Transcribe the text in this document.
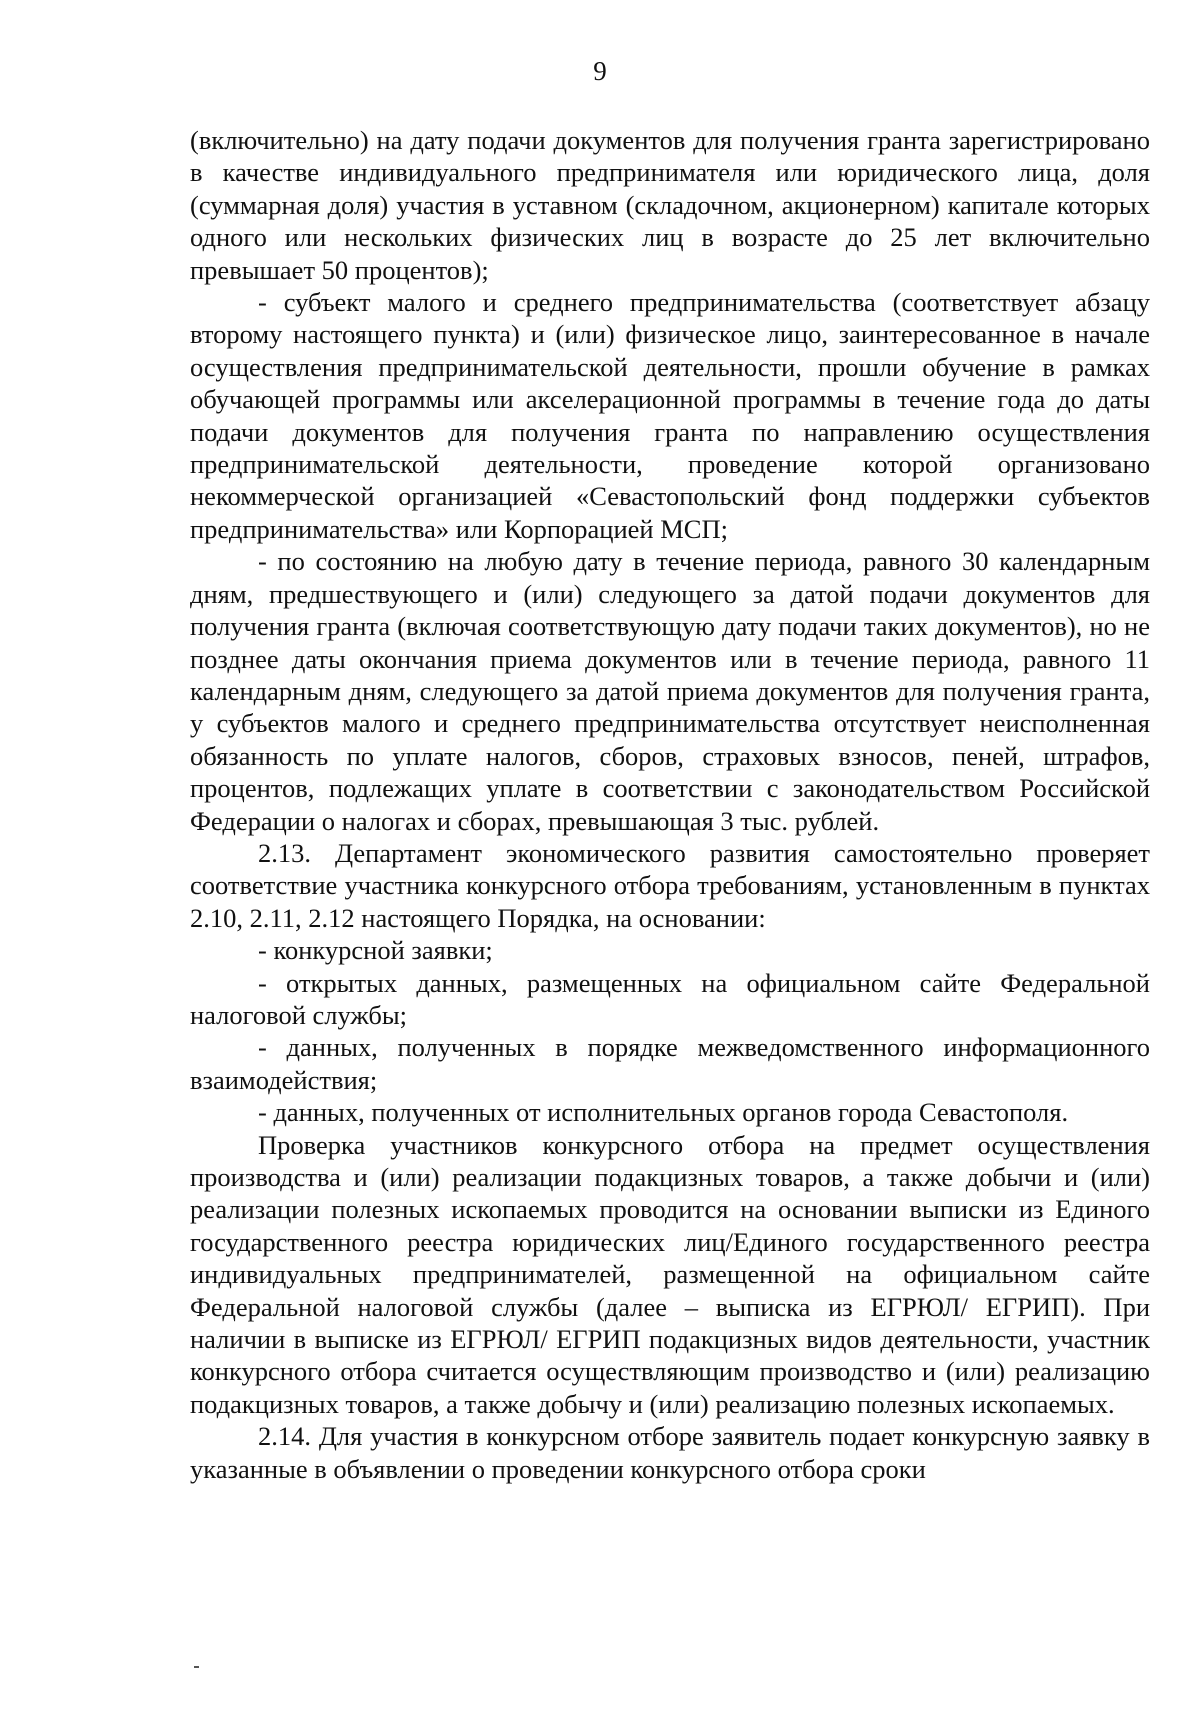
9

(включительно) на дату подачи документов для получения гранта зарегистрировано в качестве индивидуального предпринимателя или юридического лица, доля (суммарная доля) участия в уставном (складочном, акционерном) капитале которых одного или нескольких физических лиц в возрасте до 25 лет включительно превышает 50 процентов);

- субъект малого и среднего предпринимательства (соответствует абзацу второму настоящего пункта) и (или) физическое лицо, заинтересованное в начале осуществления предпринимательской деятельности, прошли обучение в рамках обучающей программы или акселерационной программы в течение года до даты подачи документов для получения гранта по направлению осуществления предпринимательской деятельности, проведение которой организовано некоммерческой организацией «Севастопольский фонд поддержки субъектов предпринимательства» или Корпорацией МСП;

- по состоянию на любую дату в течение периода, равного 30 календарным дням, предшествующего и (или) следующего за датой подачи документов для получения гранта (включая соответствующую дату подачи таких документов), но не позднее даты окончания приема документов или в течение периода, равного 11 календарным дням, следующего за датой приема документов для получения гранта, у субъектов малого и среднего предпринимательства отсутствует неисполненная обязанность по уплате налогов, сборов, страховых взносов, пеней, штрафов, процентов, подлежащих уплате в соответствии с законодательством Российской Федерации о налогах и сборах, превышающая 3 тыс. рублей.

2.13. Департамент экономического развития самостоятельно проверяет соответствие участника конкурсного отбора требованиям, установленным в пунктах 2.10, 2.11, 2.12 настоящего Порядка, на основании:

- конкурсной заявки;

- открытых данных, размещенных на официальном сайте Федеральной налоговой службы;

- данных, полученных в порядке межведомственного информационного взаимодействия;

- данных, полученных от исполнительных органов города Севастополя.

Проверка участников конкурсного отбора на предмет осуществления производства и (или) реализации подакцизных товаров, а также добычи и (или) реализации полезных ископаемых проводится на основании выписки из Единого государственного реестра юридических лиц/Единого государственного реестра индивидуальных предпринимателей, размещенной на официальном сайте Федеральной налоговой службы (далее – выписка из ЕГРЮЛ/ ЕГРИП). При наличии в выписке из ЕГРЮЛ/ ЕГРИП подакцизных видов деятельности, участник конкурсного отбора считается осуществляющим производство и (или) реализацию подакцизных товаров, а также добычу и (или) реализацию полезных ископаемых.

2.14. Для участия в конкурсном отборе заявитель подает конкурсную заявку в указанные в объявлении о проведении конкурсного отбора сроки
